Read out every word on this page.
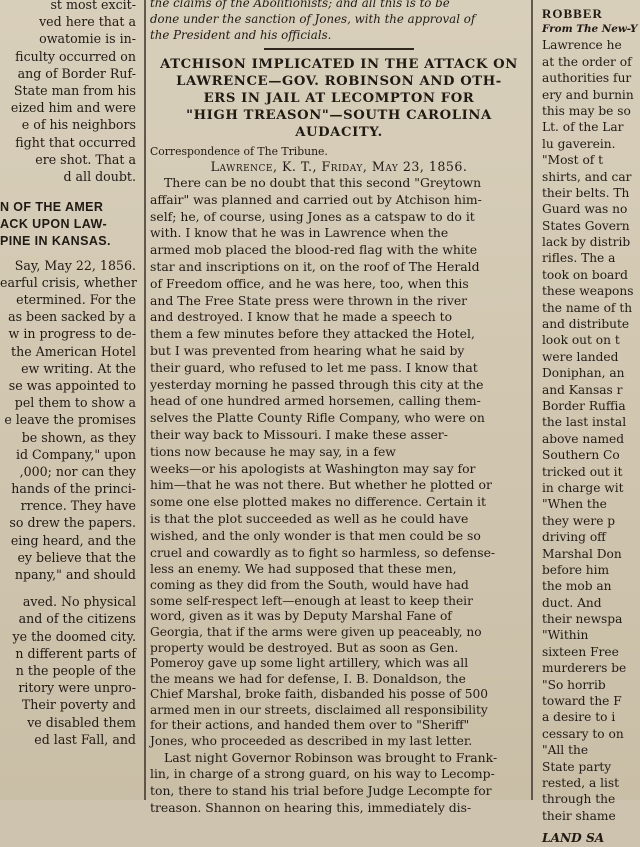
st most excit-
ved here that a
owatomie is in-
ficulty occurred on
ang of Border Ruf-
State man from his
eized him and were
e of his neighbors
fight that occurred
ere shot. That a
d all doubt.
N OF THE AMER
ACK UPON LAW-
PINE IN KANSAS.
Say, May 22, 1856.
earful crisis, whether
etermined. For the
as been sacked by a
w in progress to de-
the American Hotel
ew writing. At the
se was appointed to
pel them to show a
e leave the promises
be shown, as they
id Company," upon
,000; nor can they
hands of the princi-
rrence. They have
so drew the papers.
eing heard, and the
ey believe that the
npany," and should
aved. No physical
and of the citizens
ye the doomed city.
n different parts of
n the people of the
ritory were unpro-
Their poverty and
ve disabled them
ed last Fall, and
the claims of the Abolitionists; and all this is to be
done under the sanction of Jones, with the approval of
the President and his officials.
ATCHISON IMPLICATED IN THE ATTACK ON
LAWRENCE—GOV. ROBINSON AND OTH-
ERS IN JAIL AT LECOMPTON FOR
"HIGH TREASON"—SOUTH CAROLINA
AUDACITY.
Correspondence of The Tribune.
Lawrence, K. T., Friday, May 23, 1856.
There can be no doubt that this second "Greytown
affair" was planned and carried out by Atchison him-
self; he, of course, using Jones as a catspaw to do it
with. I know that he was in Lawrence when the
armed mob placed the blood-red flag with the white
star and inscriptions on it, on the roof of The Herald
of Freedom office, and he was here, too, when this
and The Free State press were thrown in the river
and destroyed. I know that he made a speech to
them a few minutes before they attacked the Hotel,
but I was prevented from hearing what he said by
their guard, who refused to let me pass. I know that
yesterday morning he passed through this city at the
head of one hundred armed horsemen, calling them-
selves the Platte County Rifle Company, who were on
their way back to Missouri. I make these asser-
tions now because he may say, in a few
weeks—or his apologists at Washington may say for
him—that he was not there. But whether he plotted or
some one else plotted makes no difference. Certain it
is that the plot succeeded as well as he could have
wished, and the only wonder is that men could be so
cruel and cowardly as to fight so harmless, so defense-
less an enemy. We had supposed that these men,
coming as they did from the South, would have had
some self-respect left—enough at least to keep their
word, given as it was by Deputy Marshal Fane of
Georgia, that if the arms were given up peaceably, no
property would be destroyed. But as soon as Gen.
Pomeroy gave up some light artillery, which was all
the means we had for defense, I. B. Donaldson, the
Chief Marshal, broke faith, disbanded his posse of 500
armed men in our streets, disclaimed all responsibility
for their actions, and handed them over to "Sheriff"
Jones, who proceeded as described in my last letter.
Last night Governor Robinson was brought to Frank-
lin, in charge of a strong guard, on his way to Lecomp-
ton, there to stand his trial before Judge Lecompte for
treason. Shannon on hearing this, immediately dis-
ROBBER
From The New-Y
Lawrence he
at the order of
authorities fur
ery and burnin
this may be so
Lt. of the Lar
lu gaverein.
"Most of t
shirts, and car
their belts. Th
Guard was no
States Govern
lack by distrib
rifles. The a
took on board
these weapons
the name of th
and distribute
look out on t
were landed
Doniphan, an
and Kansas r
Border Ruffia
the last instal
above named
Southern Co
tricked out it
in charge wit
"When the
they were p
driving off
Marshal Don
before him
the mob an
duct. And
their newspa
"Within
sixteen Free
murderers be
"So horrib
toward the F
a desire to i
cessary to on
"All the
State party
rested, a list
through the
their shame
LAND SA
